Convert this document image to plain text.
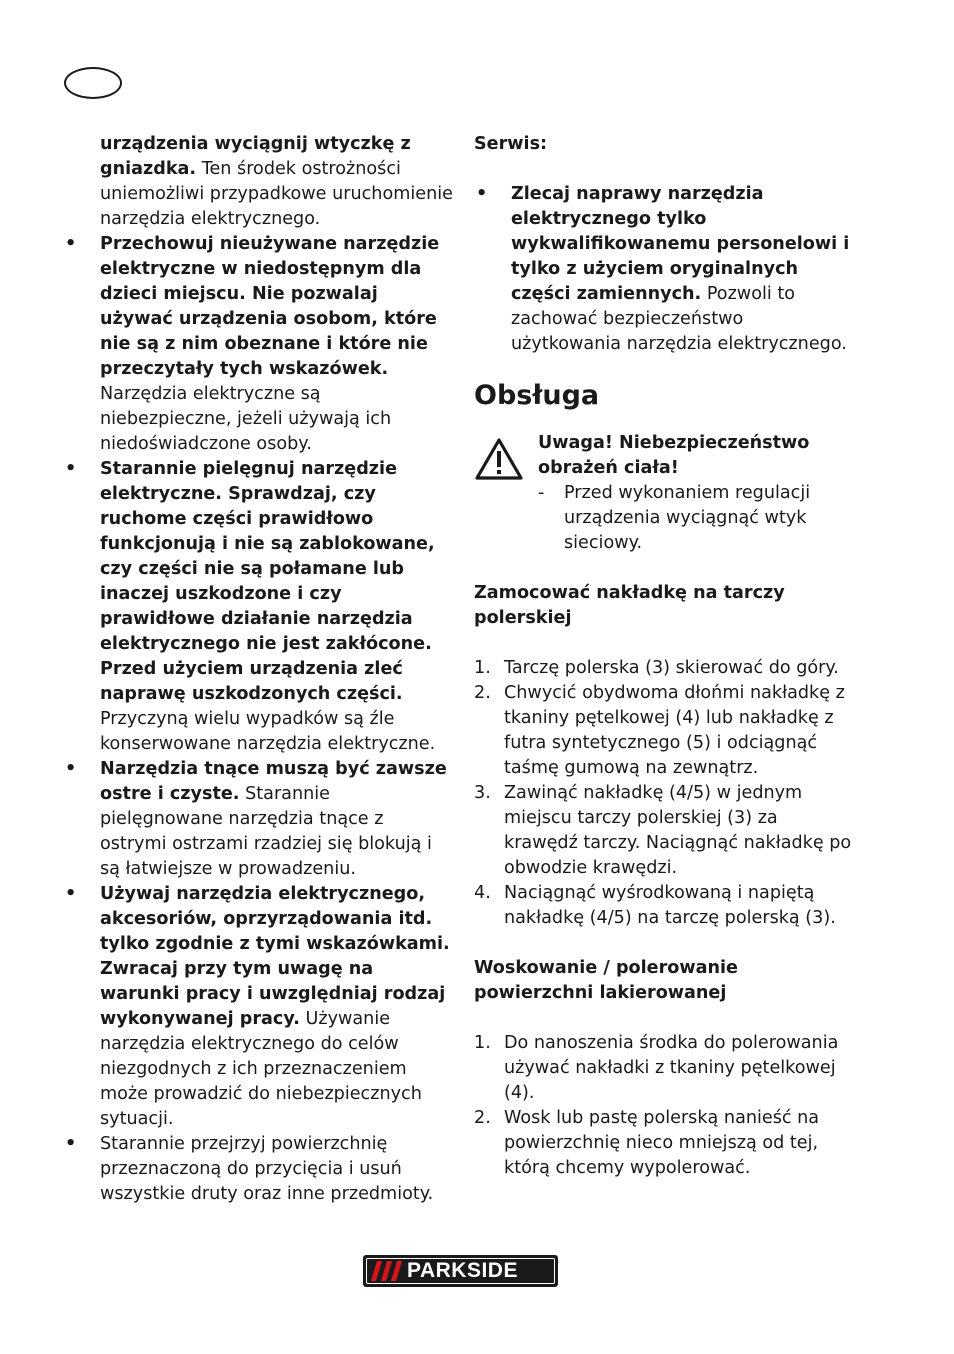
urządzenia wyciągnij wtyczkę z gniazdka. Ten środek ostrożności uniemożliwi przypadkowe uruchomienie narzędzia elektrycznego.
• Przechowuj nieużywane narzędzie elektryczne w niedostępnym dla dzieci miejscu. Nie pozwalaj używać urządzenia osobom, które nie są z nim obeznane i które nie przeczytały tych wskazówek. Narzędzia elektryczne są niebezpieczne, jeżeli używają ich niedoświadczone osoby.
• Starannie pielęgnuj narzędzie elektryczne. Sprawdzaj, czy ruchome części prawidłowo funkcjonują i nie są zablokowane, czy części nie są połamane lub inaczej uszkodzone i czy prawidłowe działanie narzędzia elektrycznego nie jest zakłócone. Przed użyciem urządzenia zleć naprawę uszkodzonych części. Przyczyną wielu wypadków są źle konserwowane narzędzia elektryczne.
• Narzędzia tnące muszą być zawsze ostre i czyste. Starannie pielęgnowane narzędzia tnące z ostrymi ostrzami rzadziej się blokują i są łatwiejsze w prowadzeniu.
• Używaj narzędzia elektrycznego, akcesoriów, oprzyrządowania itd. tylko zgodnie z tymi wskazówkami. Zwracaj przy tym uwagę na warunki pracy i uwzględniaj rodzaj wykonywanej pracy. Używanie narzędzia elektrycznego do celów niezgodnych z ich przeznaczeniem może prowadzić do niebezpiecznych sytuacji.
• Starannie przejrzyj powierzchnię przeznaczoną do przycięcia i usuń wszystkie druty oraz inne przedmioty.
Serwis:
• Zlecaj naprawy narzędzia elektrycznego tylko wykwalifikowanemu personelowi i tylko z użyciem oryginalnych części zamiennych. Pozwoli to zachować bezpieczeństwo użytkowania narzędzia elektrycznego.
Obsługa
Uwaga! Niebezpieczeństwo obrażeń ciała!
- Przed wykonaniem regulacji urządzenia wyciągnąć wtyk sieciowy.
Zamocować nakładkę na tarczy polerskiej
1. Tarczę polerska (3) skierować do góry.
2. Chwycić obydwoma dłońmi nakładkę z tkaniny pętelkowej (4) lub nakładkę z futra syntetycznego (5) i odciągnąć taśmę gumową na zewnątrz.
3. Zawinąć nakładkę (4/5) w jednym miejscu tarczy polerskiej (3) za krawędź tarczy. Naciągnąć nakładkę po obwodzie krawędzi.
4. Naciągnąć wyśrodkowaną i napiętą nakładkę (4/5) na tarczę polerską (3).
Woskowanie / polerowanie powierzchni lakierowanej
1. Do nanoszenia środka do polerowania używać nakładki z tkaniny pętelkowej (4).
2. Wosk lub pastę polerską nanieść na powierzchnię nieco mniejszą od tej, którą chcemy wypolerować.
PARKSIDE
